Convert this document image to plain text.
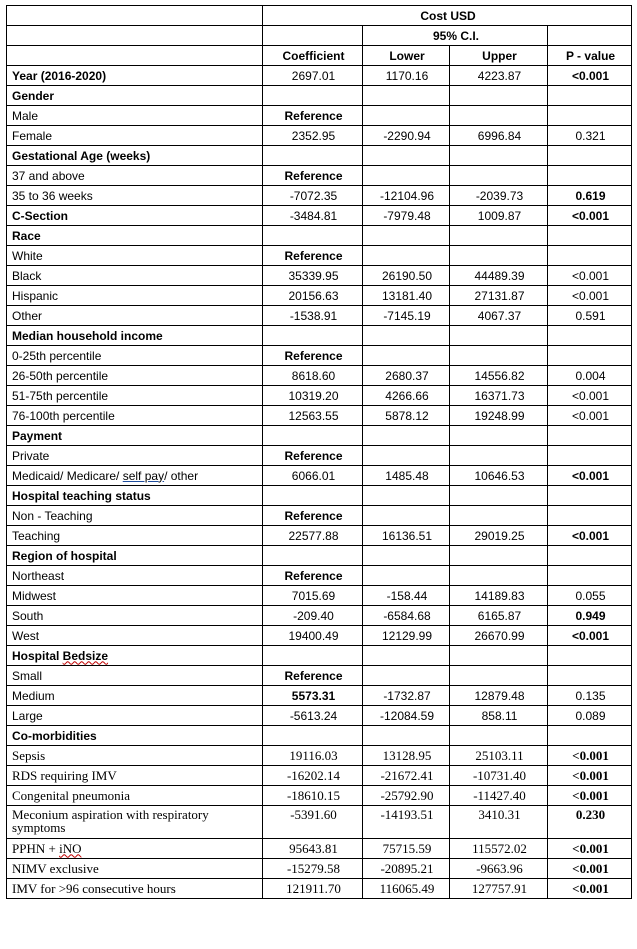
	Cost USD			
		95% C.I.		
	Coefficient	Lower	Upper	P - value
Year (2016-2020)	2697.01	1170.16	4223.87	<0.001
Gender				
Male	Reference			
Female	2352.95	-2290.94	6996.84	0.321
Gestational Age (weeks)				
37 and above	Reference			
35 to 36 weeks	-7072.35	-12104.96	-2039.73	0.619
C-Section	-3484.81	-7979.48	1009.87	<0.001
Race				
White	Reference			
Black	35339.95	26190.50	44489.39	<0.001
Hispanic	20156.63	13181.40	27131.87	<0.001
Other	-1538.91	-7145.19	4067.37	0.591
Median household income				
0-25th percentile	Reference			
26-50th percentile	8618.60	2680.37	14556.82	0.004
51-75th percentile	10319.20	4266.66	16371.73	<0.001
76-100th percentile	12563.55	5878.12	19248.99	<0.001
Payment				
Private	Reference			
Medicaid/ Medicare/ self pay/ other	6066.01	1485.48	10646.53	<0.001
Hospital teaching status				
Non - Teaching	Reference			
Teaching	22577.88	16136.51	29019.25	<0.001
Region of hospital				
Northeast	Reference			
Midwest	7015.69	-158.44	14189.83	0.055
South	-209.40	-6584.68	6165.87	0.949
West	19400.49	12129.99	26670.99	<0.001
Hospital Bedsize				
Small	Reference			
Medium	5573.31	-1732.87	12879.48	0.135
Large	-5613.24	-12084.59	858.11	0.089
Co-morbidities				
Sepsis	19116.03	13128.95	25103.11	<0.001
RDS requiring IMV	-16202.14	-21672.41	-10731.40	<0.001
Congenital pneumonia	-18610.15	-25792.90	-11427.40	<0.001
Meconium aspiration with respiratory symptoms	-5391.60	-14193.51	3410.31	0.230
PPHN + iNO	95643.81	75715.59	115572.02	<0.001
NIMV exclusive	-15279.58	-20895.21	-9663.96	<0.001
IMV for >96 consecutive hours	121911.70	116065.49	127757.91	<0.001
